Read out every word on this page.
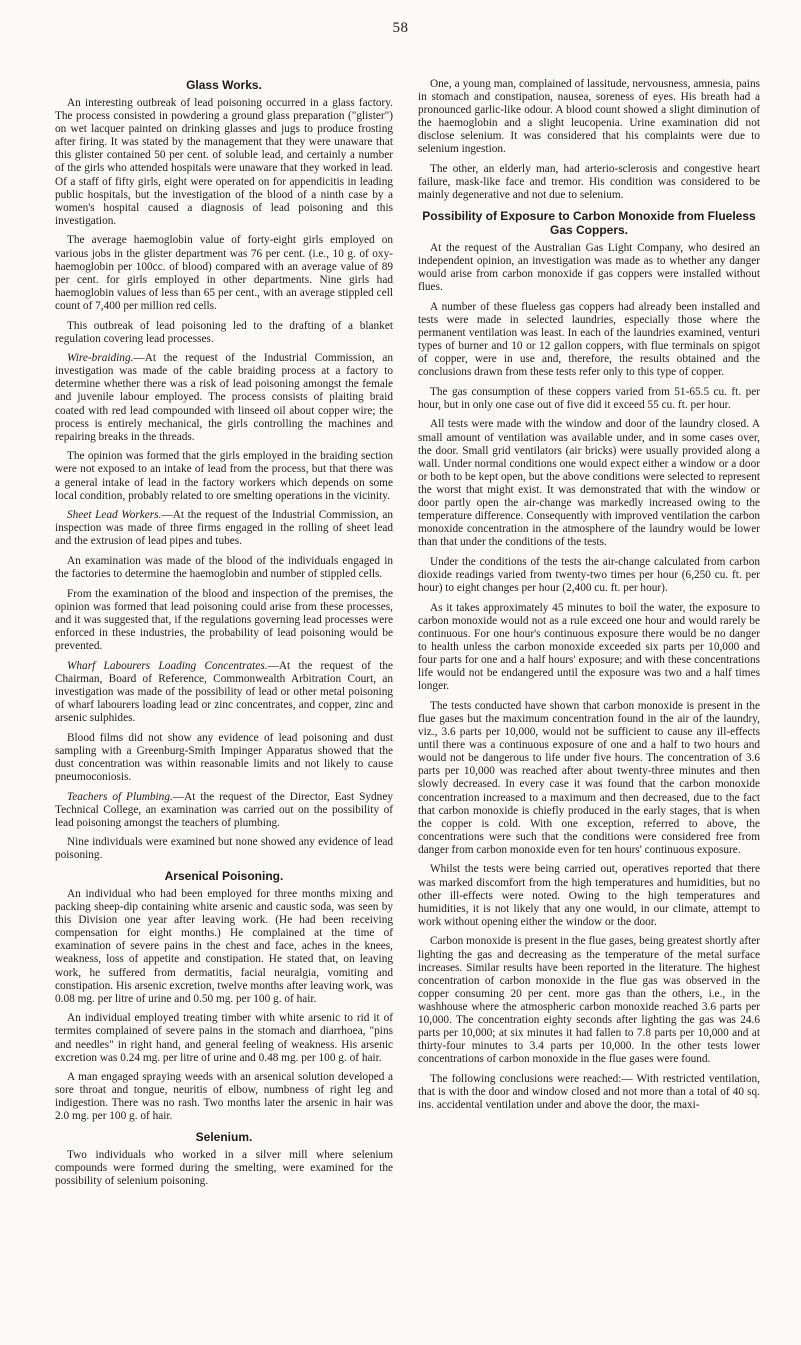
58
Glass Works.

An interesting outbreak of lead poisoning occurred in a glass factory. The process consisted in powdering a ground glass preparation ("glister") on wet lacquer painted on drinking glasses and jugs to produce frosting after firing. It was stated by the management that they were unaware that this glister contained 50 per cent. of soluble lead, and certainly a number of the girls who attended hospitals were unaware that they worked in lead. Of a staff of fifty girls, eight were operated on for appendicitis in leading public hospitals, but the investigation of the blood of a ninth case by a women's hospital caused a diagnosis of lead poisoning and this investigation.

The average haemoglobin value of forty-eight girls employed on various jobs in the glister department was 76 per cent. (i.e., 10 g. of oxy-haemoglobin per 100cc. of blood) compared with an average value of 89 per cent. for girls employed in other departments. Nine girls had haemoglobin values of less than 65 per cent., with an average stippled cell count of 7,400 per million red cells.

This outbreak of lead poisoning led to the drafting of a blanket regulation covering lead processes.

Wire-braiding.—At the request of the Industrial Commission, an investigation was made of the cable braiding process at a factory to determine whether there was a risk of lead poisoning amongst the female and juvenile labour employed. The process consists of plaiting braid coated with red lead compounded with linseed oil about copper wire; the process is entirely mechanical, the girls controlling the machines and repairing breaks in the threads.

The opinion was formed that the girls employed in the braiding section were not exposed to an intake of lead from the process, but that there was a general intake of lead in the factory workers which depends on some local condition, probably related to ore smelting operations in the vicinity.

Sheet Lead Workers.—At the request of the Industrial Commission, an inspection was made of three firms engaged in the rolling of sheet lead and the extrusion of lead pipes and tubes.

An examination was made of the blood of the individuals engaged in the factories to determine the haemoglobin and number of stippled cells.

From the examination of the blood and inspection of the premises, the opinion was formed that lead poisoning could arise from these processes, and it was suggested that, if the regulations governing lead processes were enforced in these industries, the probability of lead poisoning would be prevented.

Wharf Labourers Loading Concentrates.—At the request of the Chairman, Board of Reference, Commonwealth Arbitration Court, an investigation was made of the possibility of lead or other metal poisoning of wharf labourers loading lead or zinc concentrates, and copper, zinc and arsenic sulphides.

Blood films did not show any evidence of lead poisoning and dust sampling with a Greenburg-Smith Impinger Apparatus showed that the dust concentration was within reasonable limits and not likely to cause pneumoconiosis.

Teachers of Plumbing.—At the request of the Director, East Sydney Technical College, an examination was carried out on the possibility of lead poisoning amongst the teachers of plumbing.

Nine individuals were examined but none showed any evidence of lead poisoning.

Arsenical Poisoning.

An individual who had been employed for three months mixing and packing sheep-dip containing white arsenic and caustic soda, was seen by this Division one year after leaving work. (He had been receiving compensation for eight months.) He complained at the time of examination of severe pains in the chest and face, aches in the knees, weakness, loss of appetite and constipation. He stated that, on leaving work, he suffered from dermatitis, facial neuralgia, vomiting and constipation. His arsenic excretion, twelve months after leaving work, was 0.08 mg. per litre of urine and 0.50 mg. per 100 g. of hair.

An individual employed treating timber with white arsenic to rid it of termites complained of severe pains in the stomach and diarrhoea, "pins and needles" in right hand, and general feeling of weakness. His arsenic excretion was 0.24 mg. per litre of urine and 0.48 mg. per 100 g. of hair.

A man engaged spraying weeds with an arsenical solution developed a sore throat and tongue, neuritis of elbow, numbness of right leg and indigestion. There was no rash. Two months later the arsenic in hair was 2.0 mg. per 100 g. of hair.

Selenium.

Two individuals who worked in a silver mill where selenium compounds were formed during the smelting, were examined for the possibility of selenium poisoning.

One, a young man, complained of lassitude, nervousness, amnesia, pains in stomach and constipation, nausea, soreness of eyes. His breath had a pronounced garlic-like odour. A blood count showed a slight diminution of the haemoglobin and a slight leucopenia. Urine examination did not disclose selenium. It was considered that his complaints were due to selenium ingestion.

The other, an elderly man, had arterio-sclerosis and congestive heart failure, mask-like face and tremor. His condition was considered to be mainly degenerative and not due to selenium.

Possibility of Exposure to Carbon Monoxide from Flueless Gas Coppers.

At the request of the Australian Gas Light Company, who desired an independent opinion, an investigation was made as to whether any danger would arise from carbon monoxide if gas coppers were installed without flues.

A number of these flueless gas coppers had already been installed and tests were made in selected laundries, especially those where the permanent ventilation was least. In each of the laundries examined, venturi types of burner and 10 or 12 gallon coppers, with flue terminals on spigot of copper, were in use and, therefore, the results obtained and the conclusions drawn from these tests refer only to this type of copper.

The gas consumption of these coppers varied from 51-65.5 cu. ft. per hour, but in only one case out of five did it exceed 55 cu. ft. per hour.

All tests were made with the window and door of the laundry closed. A small amount of ventilation was available under, and in some cases over, the door. Small grid ventilators (air bricks) were usually provided along a wall. Under normal conditions one would expect either a window or a door or both to be kept open, but the above conditions were selected to represent the worst that might exist. It was demonstrated that with the window or door partly open the air-change was markedly increased owing to the temperature difference. Consequently with improved ventilation the carbon monoxide concentration in the atmosphere of the laundry would be lower than that under the conditions of the tests.

Under the conditions of the tests the air-change calculated from carbon dioxide readings varied from twenty-two times per hour (6,250 cu. ft. per hour) to eight changes per hour (2,400 cu. ft. per hour).

As it takes approximately 45 minutes to boil the water, the exposure to carbon monoxide would not as a rule exceed one hour and would rarely be continuous. For one hour's continuous exposure there would be no danger to health unless the carbon monoxide exceeded six parts per 10,000 and four parts for one and a half hours' exposure; and with these concentrations life would not be endangered until the exposure was two and a half times longer.

The tests conducted have shown that carbon monoxide is present in the flue gases but the maximum concentration found in the air of the laundry, viz., 3.6 parts per 10,000, would not be sufficient to cause any ill-effects until there was a continuous exposure of one and a half to two hours and would not be dangerous to life under five hours. The concentration of 3.6 parts per 10,000 was reached after about twenty-three minutes and then slowly decreased. In every case it was found that the carbon monoxide concentration increased to a maximum and then decreased, due to the fact that carbon monoxide is chiefly produced in the early stages, that is when the copper is cold. With one exception, referred to above, the concentrations were such that the conditions were considered free from danger from carbon monoxide even for ten hours' continuous exposure.

Whilst the tests were being carried out, operatives reported that there was marked discomfort from the high temperatures and humidities, but no other ill-effects were noted. Owing to the high temperatures and humidities, it is not likely that any one would, in our climate, attempt to work without opening either the window or the door.

Carbon monoxide is present in the flue gases, being greatest shortly after lighting the gas and decreasing as the temperature of the metal surface increases. Similar results have been reported in the literature. The highest concentration of carbon monoxide in the flue gas was observed in the copper consuming 20 per cent. more gas than the others, i.e., in the washhouse where the atmospheric carbon monoxide reached 3.6 parts per 10,000. The concentration eighty seconds after lighting the gas was 24.6 parts per 10,000; at six minutes it had fallen to 7.8 parts per 10,000 and at thirty-four minutes to 3.4 parts per 10,000. In the other tests lower concentrations of carbon monoxide in the flue gases were found.

The following conclusions were reached:— With restricted ventilation, that is with the door and window closed and not more than a total of 40 sq. ins. accidental ventilation under and above the door, the maxi-
